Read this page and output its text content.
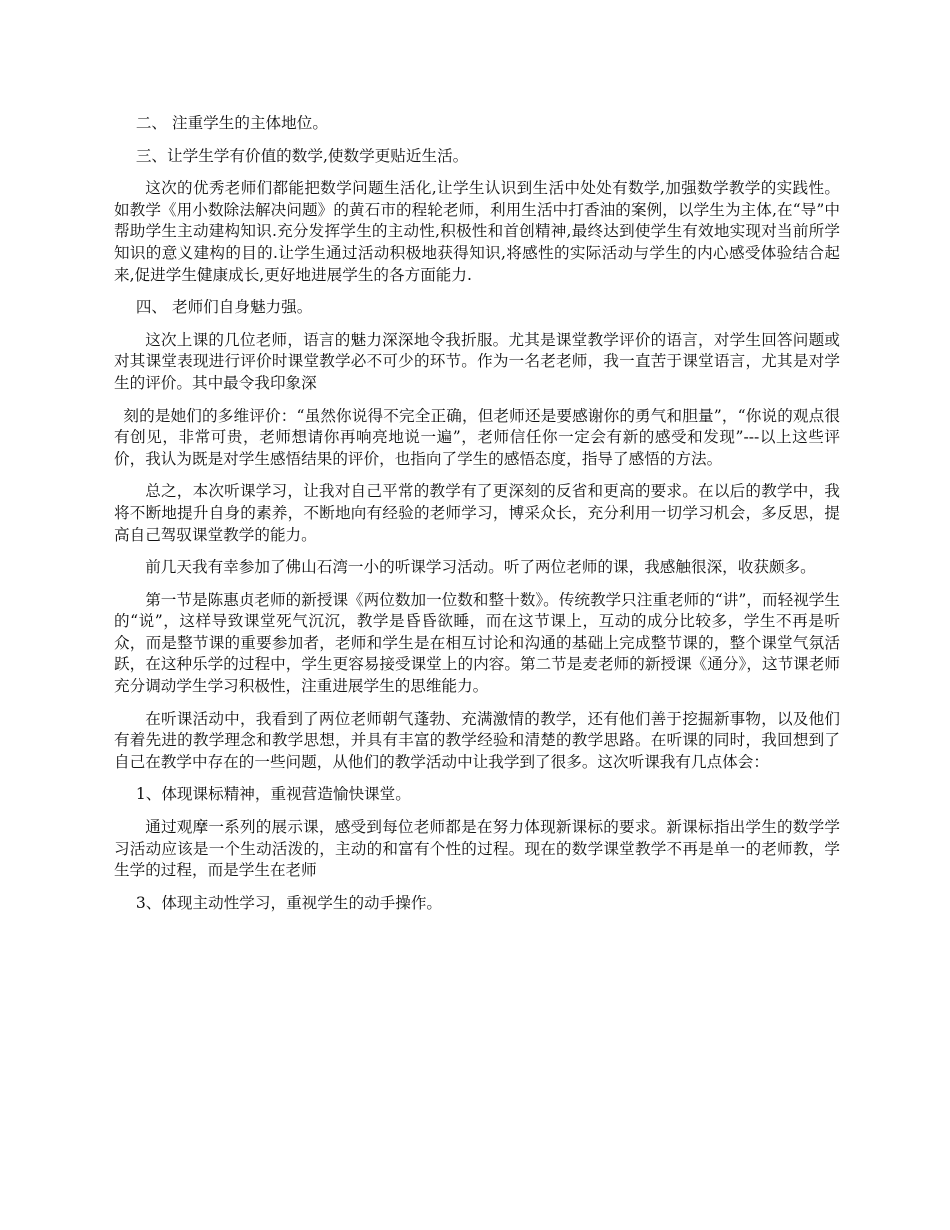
二、 注重学生的主体地位。

三、让学生学有价值的数学,使数学更贴近生活。

这次的优秀老师们都能把数学问题生活化,让学生认识到生活中处处有数学,加强数学教学的实践性。如教学《用小数除法解决问题》的黄石市的程轮老师，利用生活中打香油的案例，以学生为主体,在“导”中帮助学生主动建构知识.充分发挥学生的主动性,积极性和首创精神,最终达到使学生有效地实现对当前所学知识的意义建构的目的.让学生通过活动积极地获得知识,将感性的实际活动与学生的内心感受体验结合起来,促进学生健康成长,更好地进展学生的各方面能力.

四、 老师们自身魅力强。

这次上课的几位老师，语言的魅力深深地令我折服。尤其是课堂教学评价的语言，对学生回答问题或对其课堂表现进行评价时课堂教学必不可少的环节。作为一名老老师，我一直苦于课堂语言，尤其是对学生的评价。其中最令我印象深

刻的是她们的多维评价：“虽然你说得不完全正确，但老师还是要感谢你的勇气和胆量”，“你说的观点很有创见，非常可贵，老师想请你再响亮地说一遍”，老师信任你一定会有新的感受和发现”---以上这些评价，我认为既是对学生感悟结果的评价，也指向了学生的感悟态度，指导了感悟的方法。

总之，本次听课学习，让我对自己平常的教学有了更深刻的反省和更高的要求。在以后的教学中，我将不断地提升自身的素养，不断地向有经验的老师学习，博采众长，充分利用一切学习机会，多反思，提高自己驾驭课堂教学的能力。

前几天我有幸参加了佛山石湾一小的听课学习活动。听了两位老师的课，我感触很深，收获颇多。

第一节是陈惠贞老师的新授课《两位数加一位数和整十数》。传统教学只注重老师的“讲”，而轻视学生的“说”，这样导致课堂死气沉沉，教学是昏昏欲睡，而在这节课上，互动的成分比较多，学生不再是听众，而是整节课的重要参加者，老师和学生是在相互讨论和沟通的基础上完成整节课的，整个课堂气氛活跃，在这种乐学的过程中，学生更容易接受课堂上的内容。第二节是麦老师的新授课《通分》，这节课老师充分调动学生学习积极性，注重进展学生的思维能力。

在听课活动中，我看到了两位老师朝气蓬勃、充满激情的教学，还有他们善于挖掘新事物，以及他们有着先进的教学理念和教学思想，并具有丰富的教学经验和清楚的教学思路。在听课的同时，我回想到了自己在教学中存在的一些问题，从他们的教学活动中让我学到了很多。这次听课我有几点体会：

1、体现课标精神，重视营造愉快课堂。

通过观摩一系列的展示课，感受到每位老师都是在努力体现新课标的要求。新课标指出学生的数学学习活动应该是一个生动活泼的，主动的和富有个性的过程。现在的数学课堂教学不再是单一的老师教，学生学的过程，而是学生在老师

3、体现主动性学习，重视学生的动手操作。
